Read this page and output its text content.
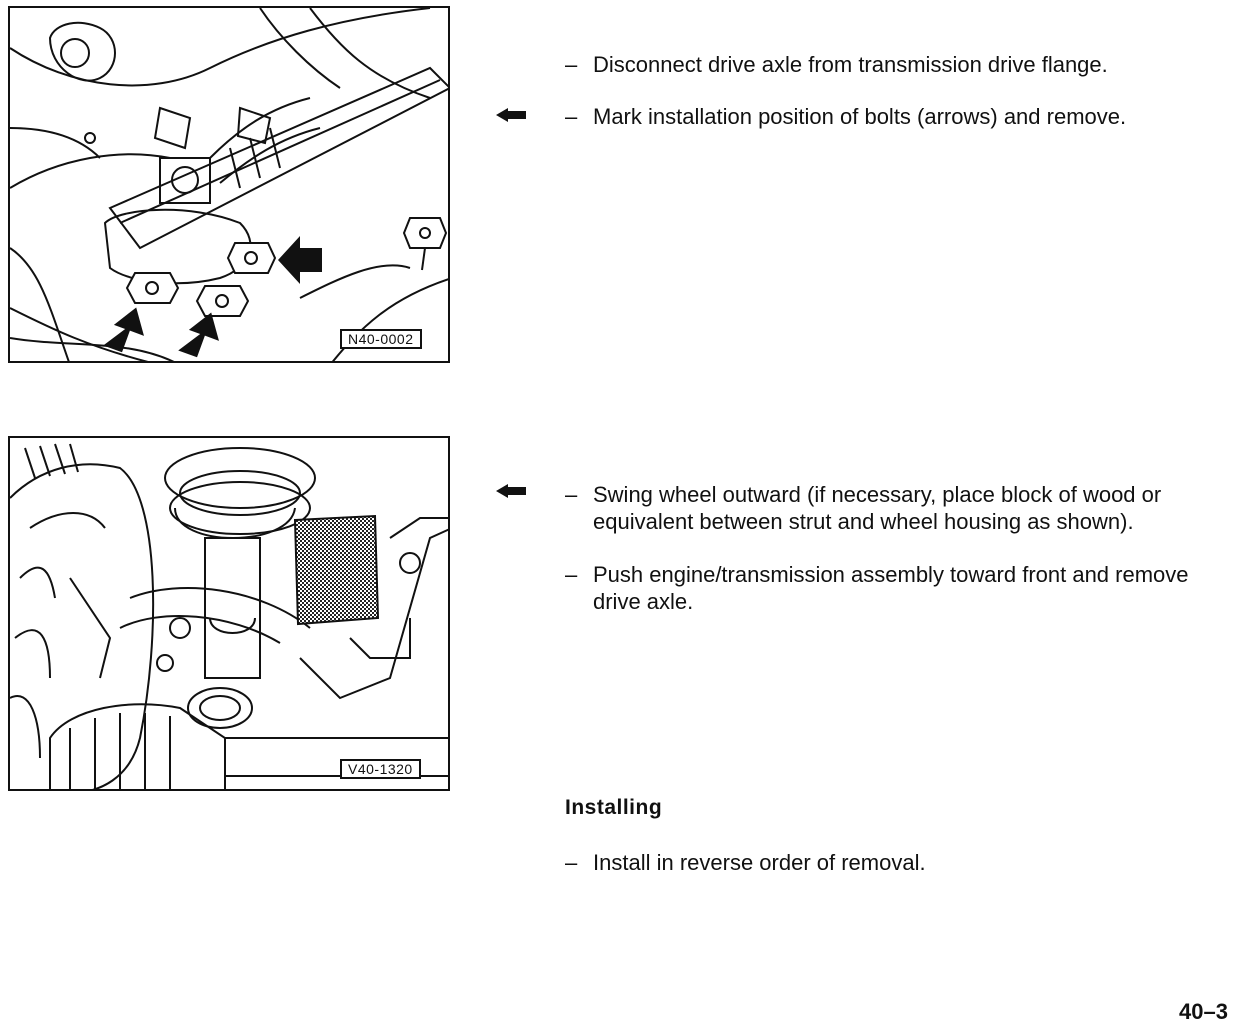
N40-0002
V40-1320
– Disconnect drive axle from transmission drive flange.
– Mark installation position of bolts (arrows) and remove.
– Swing wheel outward (if necessary, place block of wood or equivalent between strut and wheel housing as shown).
– Push engine/transmission assembly toward front and remove drive axle.
Installing
– Install in reverse order of removal.
40–3
